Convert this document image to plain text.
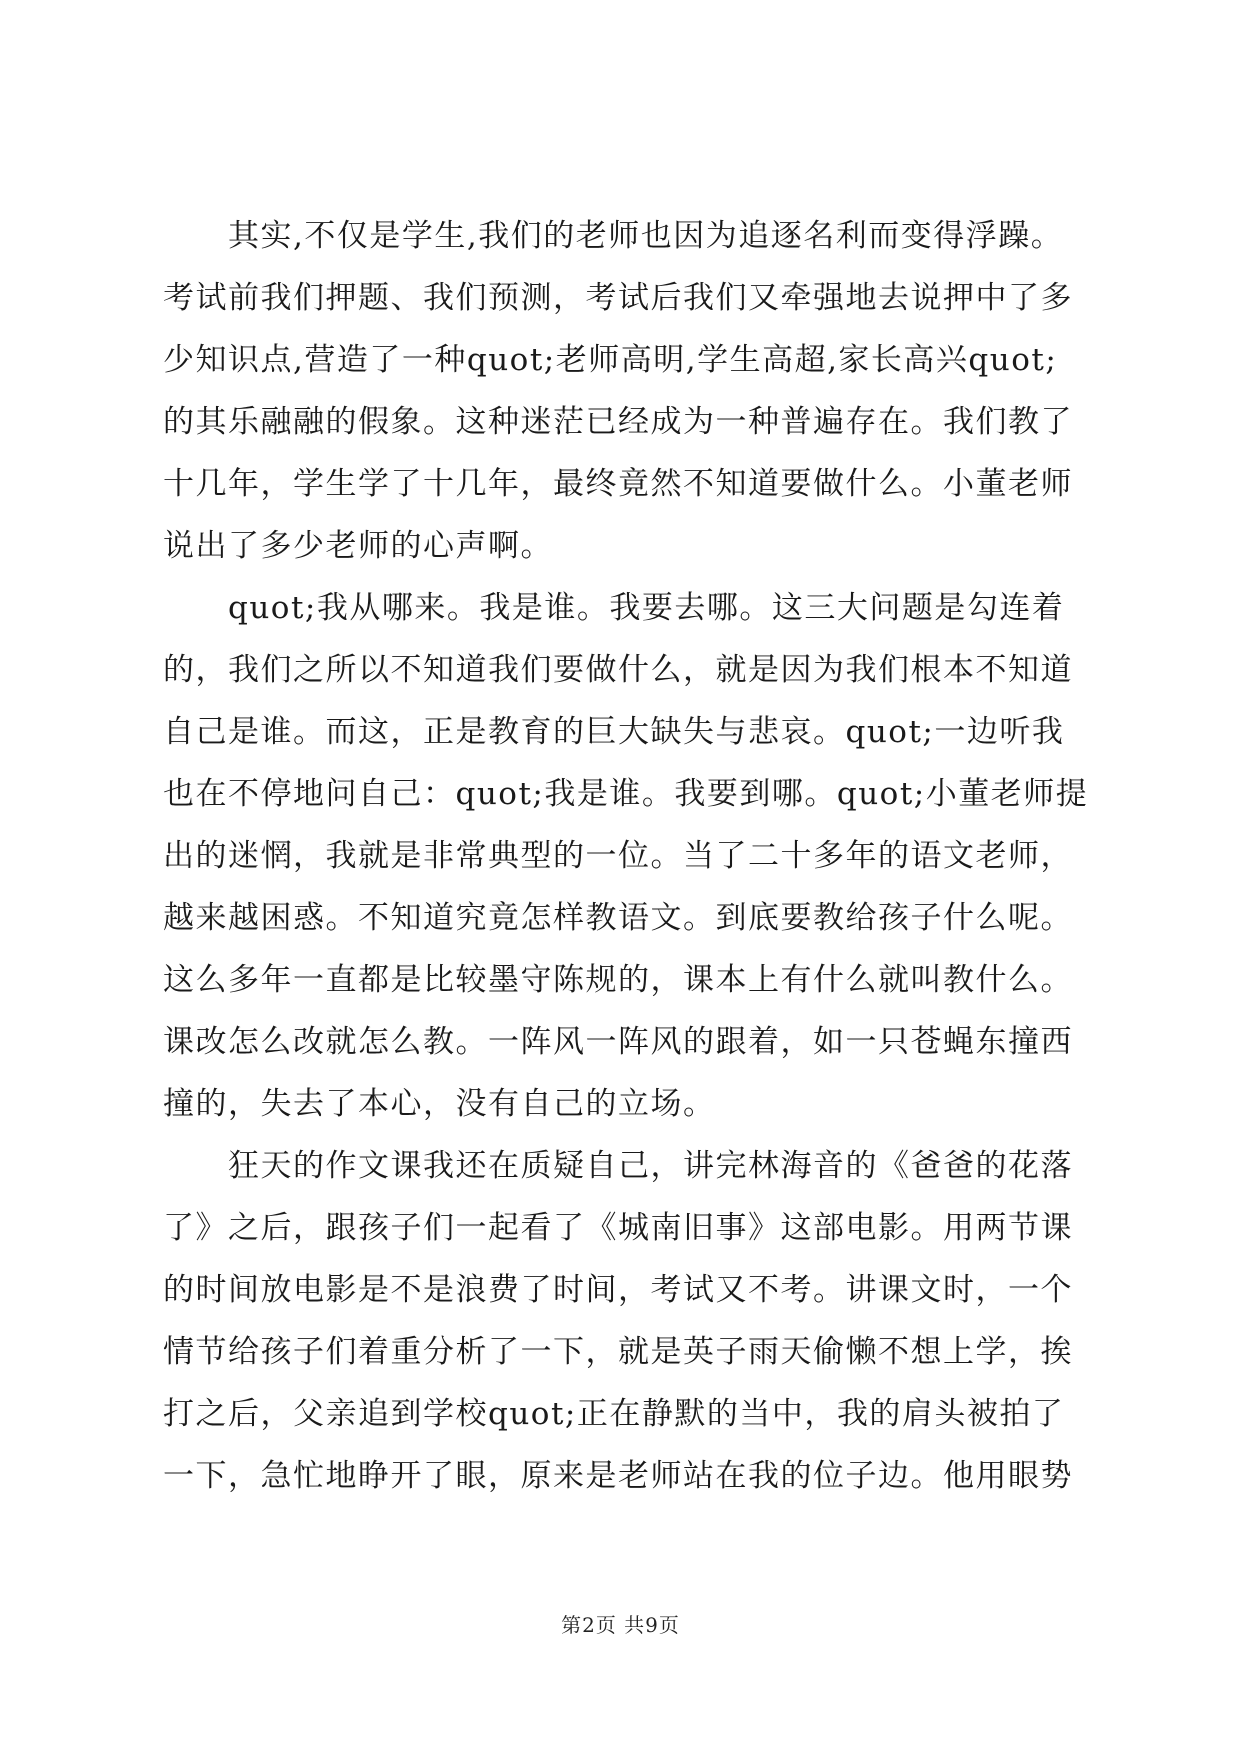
　　其实,不仅是学生,我们的老师也因为追逐名利而变得浮躁。
考试前我们押题、我们预测，考试后我们又牵强地去说押中了多
少知识点,营造了一种quot;老师高明,学生高超,家长高兴quot;
的其乐融融的假象。这种迷茫已经成为一种普遍存在。我们教了
十几年，学生学了十几年，最终竟然不知道要做什么。小董老师
说出了多少老师的心声啊。

　　quot;我从哪来。我是谁。我要去哪。这三大问题是勾连着
的，我们之所以不知道我们要做什么，就是因为我们根本不知道
自己是谁。而这，正是教育的巨大缺失与悲哀。quot;一边听我
也在不停地问自己：quot;我是谁。我要到哪。quot;小董老师提
出的迷惘，我就是非常典型的一位。当了二十多年的语文老师，
越来越困惑。不知道究竟怎样教语文。到底要教给孩子什么呢。
这么多年一直都是比较墨守陈规的，课本上有什么就叫教什么。
课改怎么改就怎么教。一阵风一阵风的跟着，如一只苍蝇东撞西
撞的，失去了本心，没有自己的立场。

　　狂天的作文课我还在质疑自己，讲完林海音的《爸爸的花落
了》之后，跟孩子们一起看了《城南旧事》这部电影。用两节课
的时间放电影是不是浪费了时间，考试又不考。讲课文时，一个
情节给孩子们着重分析了一下，就是英子雨天偷懒不想上学，挨
打之后，父亲追到学校quot;正在静默的当中，我的肩头被拍了
一下，急忙地睁开了眼，原来是老师站在我的位子边。他用眼势

第2页 共9页
